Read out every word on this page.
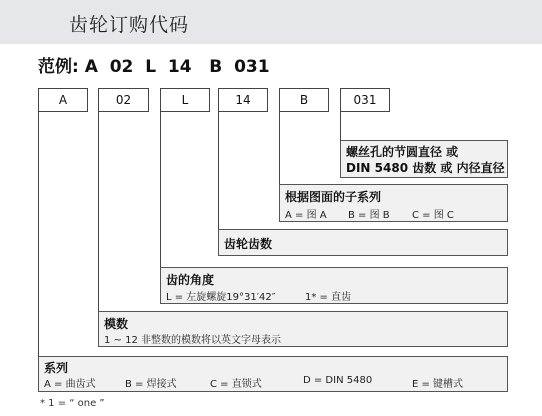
齿轮订购代码
范例: A  02  L  14   B  031
A	02	L	14	B	031
螺丝孔的节圆直径 或
DIN 5480 齿数 或 内径直径
根据图面的子系列
A = 图 A B = 图 B C = 图 C
齿轮齿数
齿的角度
L = 左旋螺旋19°31′42″	1* = 直齿
模数
1 ~ 12 非整数的模数将以英文字母表示
系列
A = 曲齿式	B = 焊接式	C = 直锁式	D = DIN 5480	E = 键槽式
* 1 = “ one ”
